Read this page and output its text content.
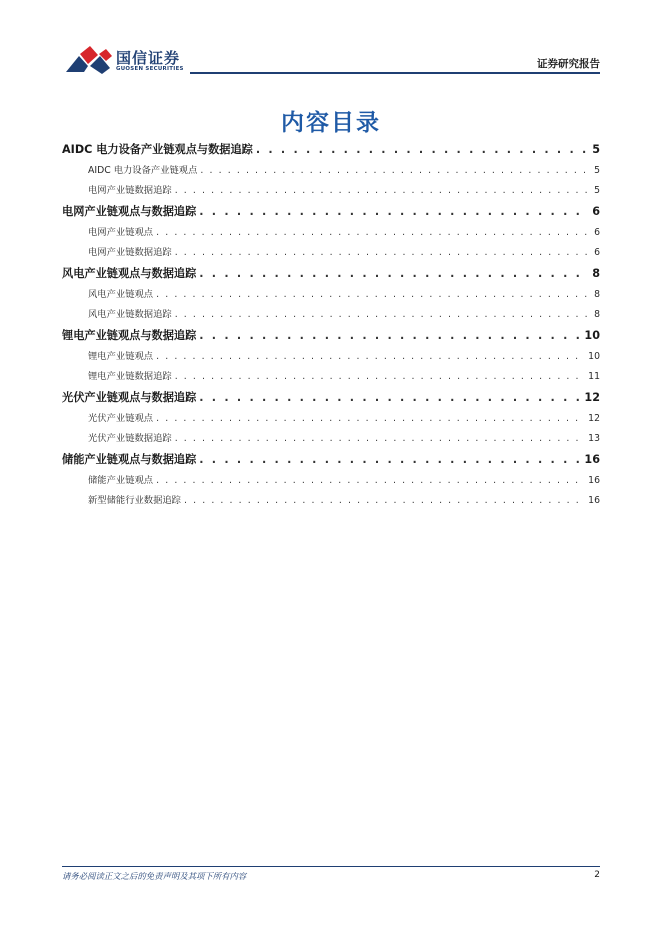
国信证券
GUOSEN SECURITIES	证券研究报告
内容目录
AIDC 电力设备产业链观点与数据追踪 . . .	5
AIDC 电力设备产业链观点 . . .	5
电网产业链数据追踪 . . .	5
电网产业链观点与数据追踪 . . .	6
电网产业链观点 . . .	6
电网产业链数据追踪 . . .	6
风电产业链观点与数据追踪 . . .	8
风电产业链观点 . . .	8
风电产业链数据追踪 . . .	8
锂电产业链观点与数据追踪 . . .	10
锂电产业链观点 . . .	10
锂电产业链数据追踪 . . .	11
光伏产业链观点与数据追踪 . . .	12
光伏产业链观点 . . .	12
光伏产业链数据追踪 . . .	13
储能产业链观点与数据追踪 . . .	16
储能产业链观点 . . .	16
新型储能行业数据追踪 . . .	16
请务必阅读正文之后的免责声明及其项下所有内容	2
